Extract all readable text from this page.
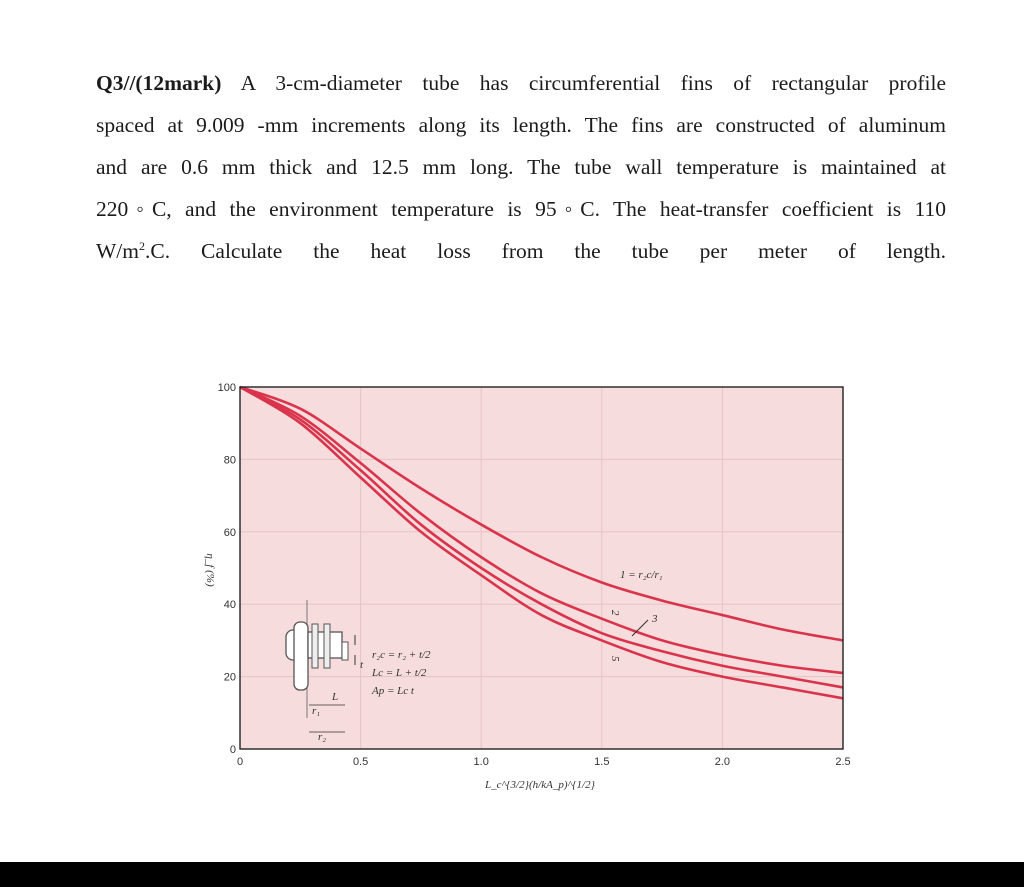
Q3//(12mark) A 3-cm-diameter tube has circumferential fins of rectangular profile
spaced at 9.009 -mm increments along its length. The fins are constructed of aluminum
and are 0.6 mm thick and 12.5 mm long. The tube wall temperature is maintained at
220◦C, and the environment temperature is 95◦C. The heat-transfer coefficient is 110
$W/m^2.C$. Calculate the heat loss from the tube per meter of length.
0	0.5	1.0	1.5	2.0	2.5
0
20
40
60
80
100
η_f (%)
L_c^{3/2}(h/kA_p)^{1/2}
1 = r₂c/r₁
2
3
5
t
L
r₁
r₂
r₂c = r₂ + t/2
Lc = L + t/2
Ap = Lc t
